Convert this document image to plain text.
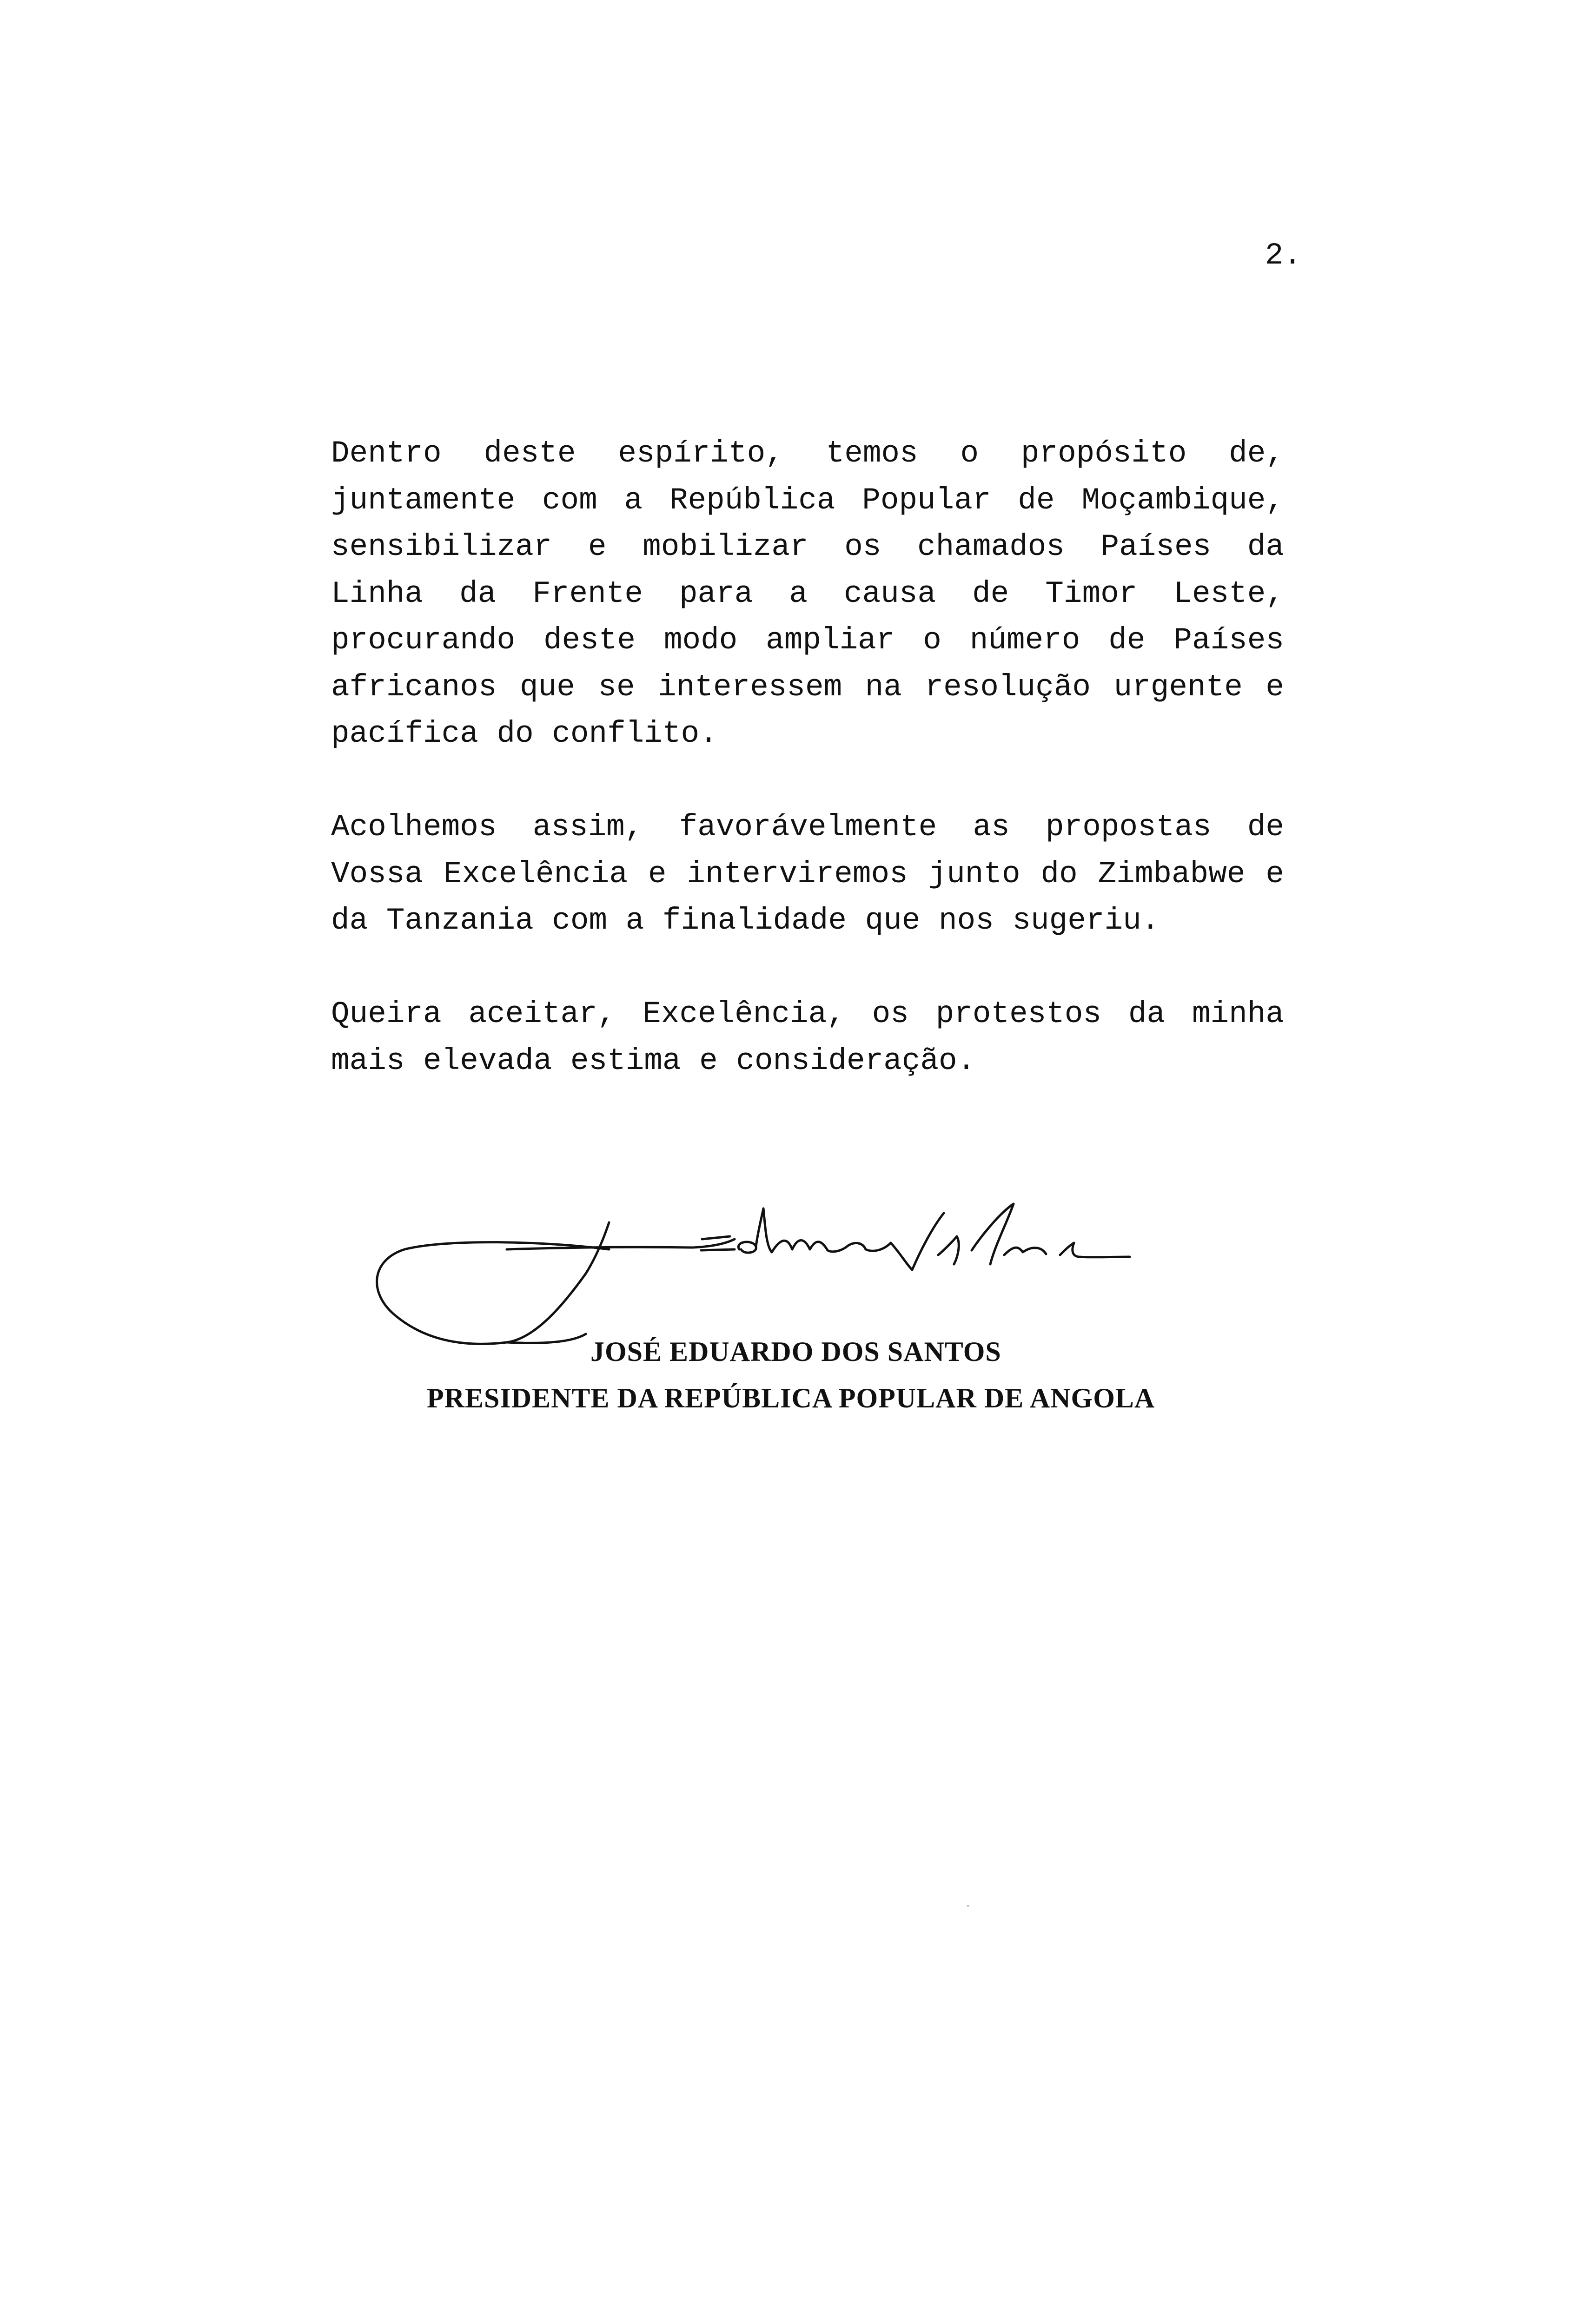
2.

Dentro deste espírito, temos o propósito de, juntamente com a República Popular de Moçambique, sensibilizar e mobilizar os chamados Países da Linha da Frente para a causa de Timor Leste, procurando deste modo ampliar o número de Países africanos que se interessem na resolução urgente e pacífica do conflito.

Acolhemos assim, favorávelmente as propostas de Vossa Excelência e interviremos junto do Zimbabwe e da Tanzania com a finalidade que nos sugeriu.

Queira aceitar, Excelência, os protestos da minha mais elevada estima e consideração.

JOSÉ EDUARDO DOS SANTOS
PRESIDENTE DA REPÚBLICA POPULAR DE ANGOLA
